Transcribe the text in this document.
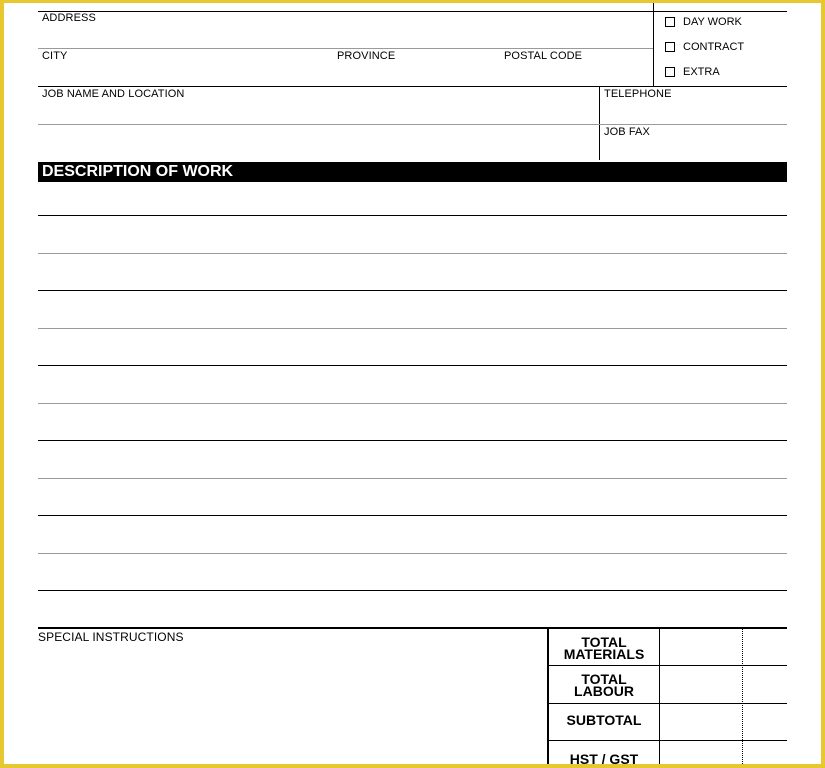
ADDRESS
CITY	PROVINCE	POSTAL CODE
DAY WORK
CONTRACT
EXTRA
JOB NAME AND LOCATION	TELEPHONE
JOB FAX
DESCRIPTION OF WORK
SPECIAL INSTRUCTIONS	TOTAL
MATERIALS
TOTAL
LABOUR
SUBTOTAL
HST / GST
